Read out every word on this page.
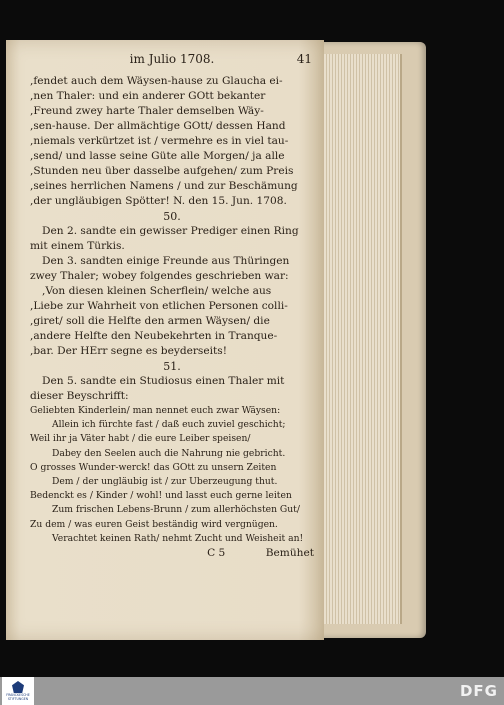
im Julio 1708.	41
,fendet auch dem Wäysen-hause zu Glaucha ei-
,nen Thaler: und ein anderer GOtt bekanter
,Freund zwey harte Thaler demselben Wäy-
,sen-hause. Der allmächtige GOtt/ dessen Hand
,niemals verkürtzet ist / vermehre es in viel tau-
,send/ und lasse seine Güte alle Morgen/ ja alle
,Stunden neu über dasselbe aufgehen/ zum Preis
,seines herrlichen Namens / und zur Beschämung
,der ungläubigen Spötter! N. den 15. Jun. 1708.
50.
Den 2. sandte ein gewisser Prediger einen Ring
mit einem Türkis.
Den 3. sandten einige Freunde aus Thüringen
zwey Thaler; wobey folgendes geschrieben war:
,Von diesen kleinen Scherflein/ welche aus
,Liebe zur Wahrheit von etlichen Personen colli-
,giret/ soll die Helfte den armen Wäysen/ die
,andere Helfte den Neubekehrten in Tranque-
,bar. Der HErr segne es beyderseits!
51.
Den 5. sandte ein Studiosus einen Thaler mit
dieser Beyschrifft:
Geliebten Kinderlein/ man nennet euch zwar Wäysen:
Allein ich fürchte fast / daß euch zuviel geschicht;
Weil ihr ja Väter habt / die eure Leiber speisen/
Dabey den Seelen auch die Nahrung nie gebricht.
O grosses Wunder-werck! das GOtt zu unsern Zeiten
Dem / der ungläubig ist / zur Uberzeugung thut.
Bedenckt es / Kinder / wohl! und lasst euch gerne leiten
Zum frischen Lebens-Brunn / zum allerhöchsten Gut/
Zu dem / was euren Geist beständig wird vergnügen.
Verachtet keinen Rath/ nehmt Zucht und Weisheit an!
C 5	Bemühet
FRANCKESCHE STIFTUNGEN	DFG
